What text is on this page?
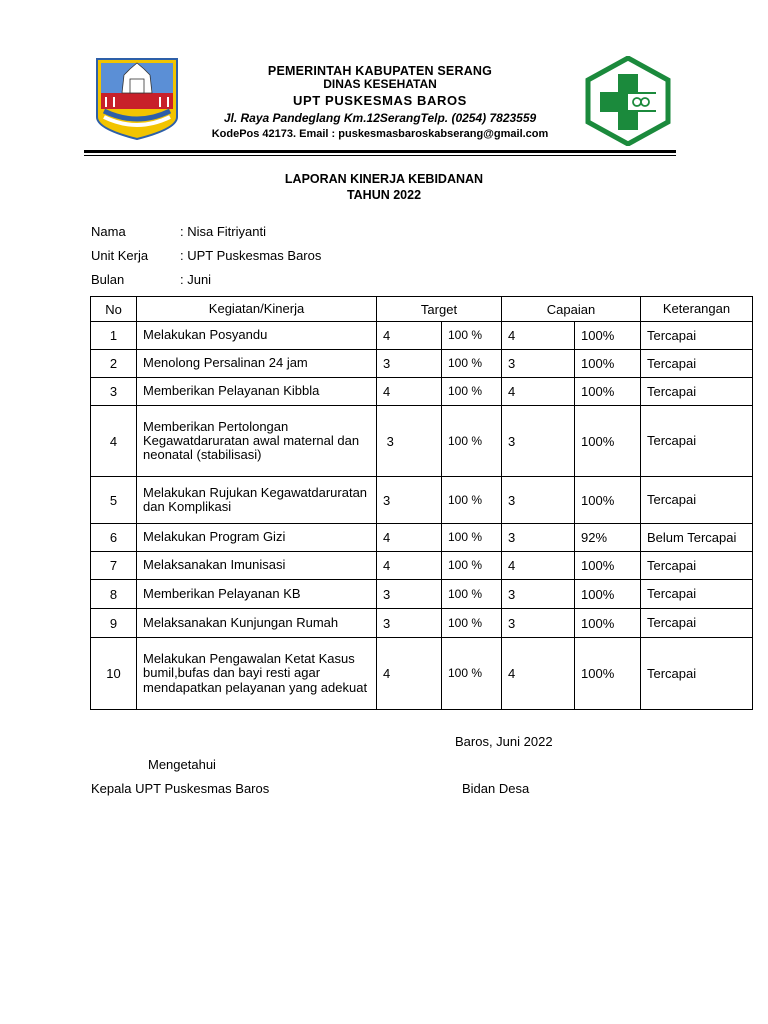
PEMERINTAH KABUPATEN SERANG
DINAS KESEHATAN
UPT PUSKESMAS BAROS
Jl. Raya Pandeglang Km.12SerangTelp. (0254) 7823559
KodePos 42173. Email : puskesmasbaroskabserang@gmail.com
LAPORAN KINERJA KEBIDANAN
TAHUN 2022
Nama	: Nisa Fitriyanti
Unit Kerja	: UPT Puskesmas Baros
Bulan	: Juni
No	Kegiatan/Kinerja	Target		Capaian		Keterangan
1	Melakukan Posyandu	4	100 %	4	100%	Tercapai
2	Menolong Persalinan 24 jam	3	100 %	3	100%	Tercapai
3	Memberikan Pelayanan Kibbla	4	100 %	4	100%	Tercapai
4	Memberikan Pertolongan Kegawatdaruratan awal maternal dan neonatal (stabilisasi)	3	100 %	3	100%	Tercapai
5	Melakukan Rujukan Kegawatdaruratan dan Komplikasi	3	100 %	3	100%	Tercapai
6	Melakukan Program Gizi	4	100 %	3	92%	Belum Tercapai
7	Melaksanakan Imunisasi	4	100 %	4	100%	Tercapai
8	Memberikan Pelayanan KB	3	100 %	3	100%	Tercapai
9	Melaksanakan Kunjungan Rumah	3	100 %	3	100%	Tercapai
10	Melakukan Pengawalan Ketat Kasus bumil,bufas dan bayi resti agar mendapatkan pelayanan yang adekuat	4	100 %	4	100%	Tercapai
Baros, Juni 2022
Mengetahui
Kepala UPT Puskesmas Baros	Bidan Desa
